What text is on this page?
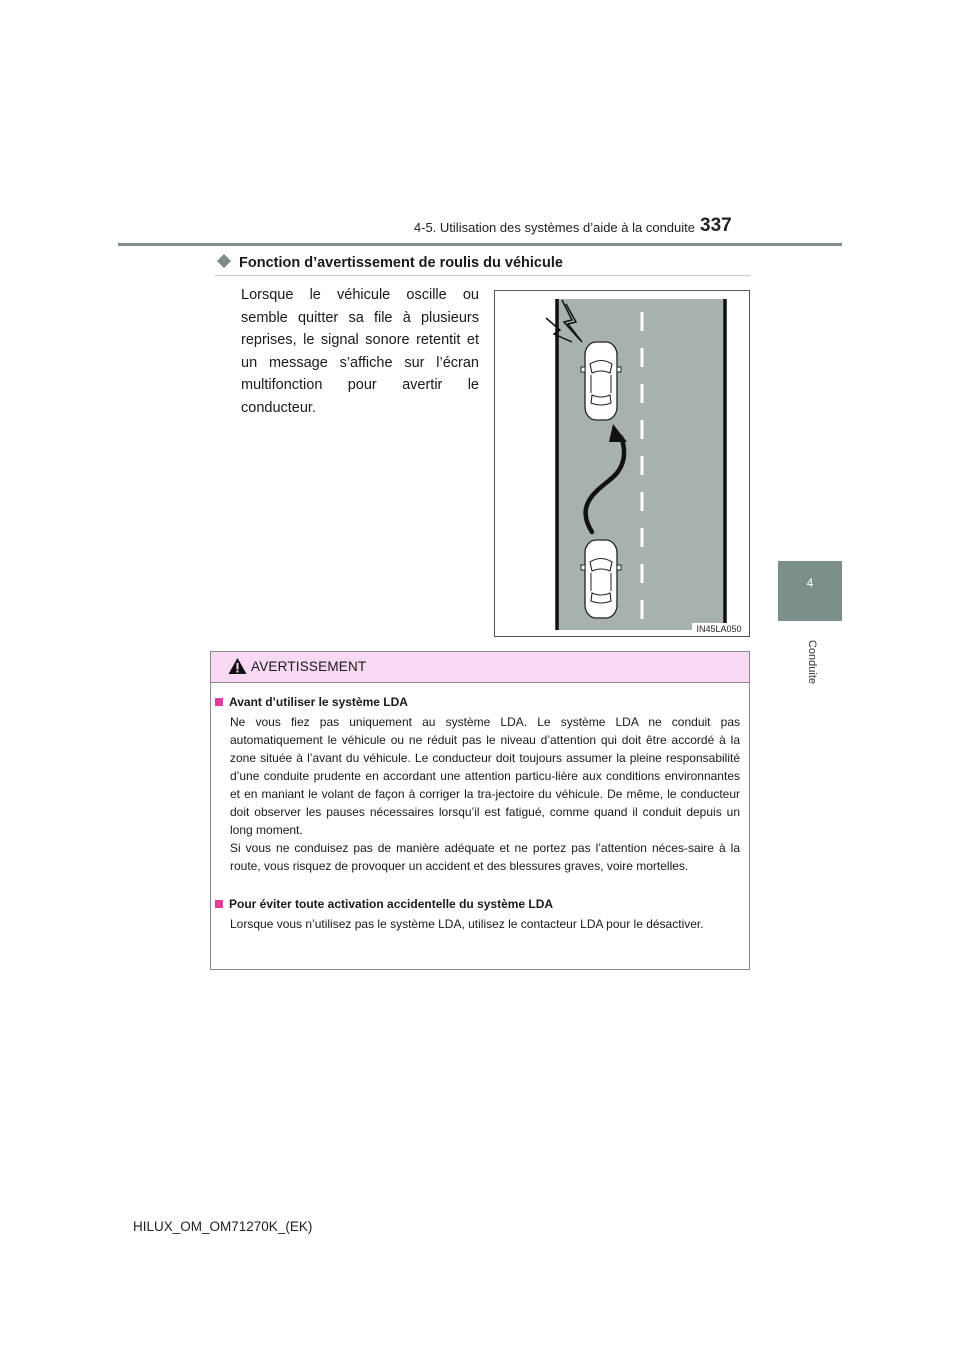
4-5. Utilisation des systèmes d’aide à la conduite 337
4
Conduite
Fonction d’avertissement de roulis du véhicule
Lorsque le véhicule oscille ou semble quitter sa file à plusieurs reprises, le signal sonore retentit et un message s’affiche sur l’écran multifonction pour avertir le conducteur.
IN45LA050
AVERTISSEMENT
Avant d’utiliser le système LDA
Ne vous fiez pas uniquement au système LDA. Le système LDA ne conduit pas automatiquement le véhicule ou ne réduit pas le niveau d’attention qui doit être accordé à la zone située à l’avant du véhicule. Le conducteur doit toujours assumer la pleine responsabilité d’une conduite prudente en accordant une attention particu-lière aux conditions environnantes et en maniant le volant de façon à corriger la tra-jectoire du véhicule. De même, le conducteur doit observer les pauses nécessaires lorsqu’il est fatigué, comme quand il conduit depuis un long moment.
Si vous ne conduisez pas de manière adéquate et ne portez pas l’attention néces-saire à la route, vous risquez de provoquer un accident et des blessures graves, voire mortelles.
Pour éviter toute activation accidentelle du système LDA
Lorsque vous n’utilisez pas le système LDA, utilisez le contacteur LDA pour le désactiver.
HILUX_OM_OM71270K_(EK)
